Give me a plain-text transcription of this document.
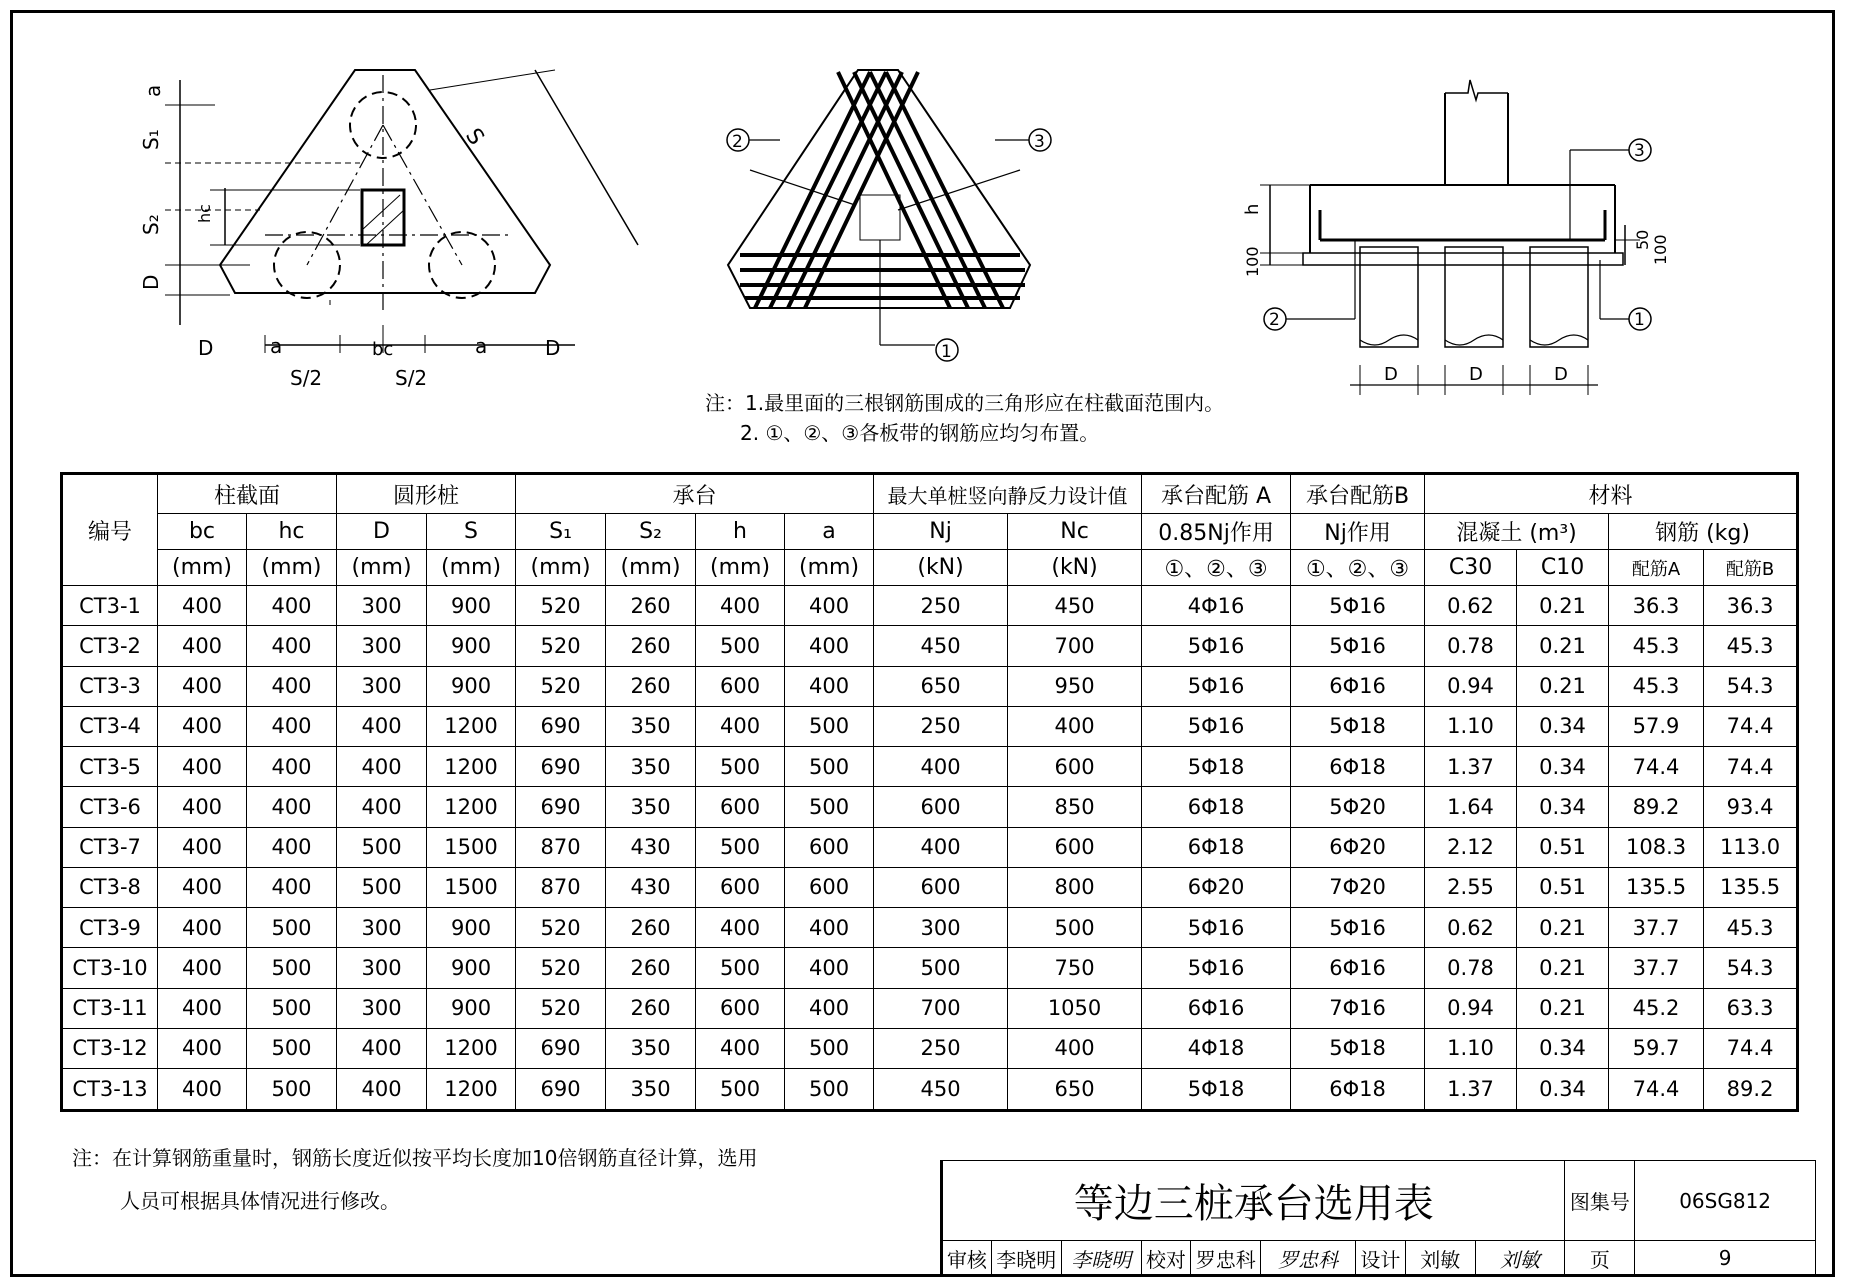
a
S₁
S₂
D
hc
S
bc
S/2	S/2
D	a	a	D	1
2	3
h
100
50 100
D	D	D
3
2	1
注：1.最里面的三根钢筋围成的三角形应在柱截面范围内。
2. ①、②、③各板带的钢筋应均匀布置。
编号	柱截面		圆形桩		承台				最大单桩竖向静反力设计值		承台配筋 A	承台配筋B	材料			
	bc	hc	D	S	S₁	S₂	h	a	Nj	Nc	0.85Nj作用	Nj作用	混凝土 (m³)		钢筋 (kg)	
	(mm)	(mm)	(mm)	(mm)	(mm)	(mm)	(mm)	(mm)	(kN)	(kN)	①、②、③	①、②、③	C30	C10	配筋A	配筋B
CT3-1	400	400	300	900	520	260	400	400	250	450	4Φ16	5Φ16	0.62	0.21	36.3	36.3
CT3-2	400	400	300	900	520	260	500	400	450	700	5Φ16	5Φ16	0.78	0.21	45.3	45.3
CT3-3	400	400	300	900	520	260	600	400	650	950	5Φ16	6Φ16	0.94	0.21	45.3	54.3
CT3-4	400	400	400	1200	690	350	400	500	250	400	5Φ16	5Φ18	1.10	0.34	57.9	74.4
CT3-5	400	400	400	1200	690	350	500	500	400	600	5Φ18	6Φ18	1.37	0.34	74.4	74.4
CT3-6	400	400	400	1200	690	350	600	500	600	850	6Φ18	5Φ20	1.64	0.34	89.2	93.4
CT3-7	400	400	500	1500	870	430	500	600	400	600	6Φ18	6Φ20	2.12	0.51	108.3	113.0
CT3-8	400	400	500	1500	870	430	600	600	600	800	6Φ20	7Φ20	2.55	0.51	135.5	135.5
CT3-9	400	500	300	900	520	260	400	400	300	500	5Φ16	5Φ16	0.62	0.21	37.7	45.3
CT3-10	400	500	300	900	520	260	500	400	500	750	5Φ16	6Φ16	0.78	0.21	37.7	54.3
CT3-11	400	500	300	900	520	260	600	400	700	1050	6Φ16	7Φ16	0.94	0.21	45.2	63.3
CT3-12	400	500	400	1200	690	350	400	500	250	400	4Φ18	5Φ18	1.10	0.34	59.7	74.4
CT3-13	400	500	400	1200	690	350	500	500	450	650	5Φ18	6Φ18	1.37	0.34	74.4	89.2
注：在计算钢筋重量时，钢筋长度近似按平均长度加10倍钢筋直径计算，选用
人员可根据具体情况进行修改。	等边三桩承台选用表									图集号	06SG812
审核	李晓明	李晓明	校对	罗忠科	罗忠科	设计	刘敏	刘敏	页	9
